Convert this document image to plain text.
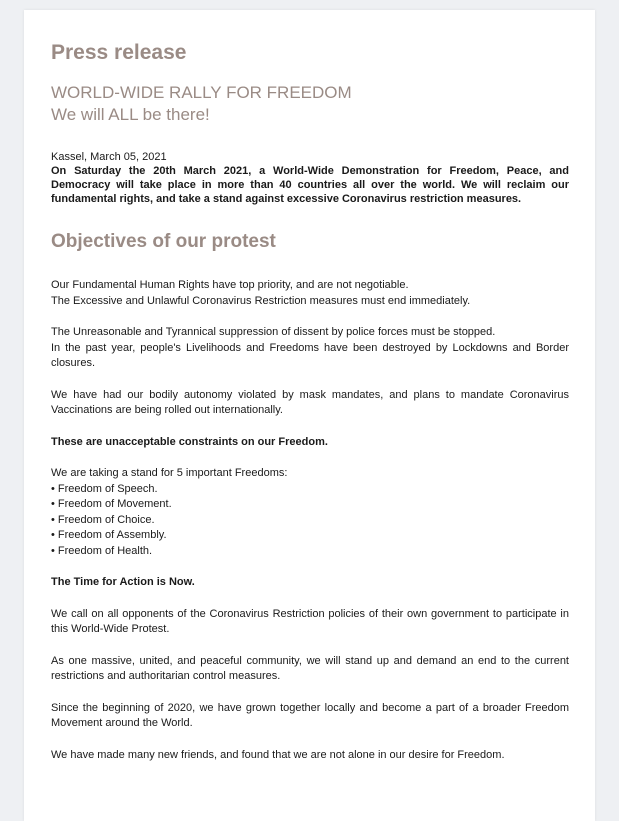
Press release

WORLD-WIDE RALLY FOR FREEDOM

We will ALL be there!

Kassel, March 05, 2021

On Saturday the 20th March 2021, a World-Wide Demonstration for Freedom, Peace, and Democracy will take place in more than 40 countries all over the world. We will reclaim our fundamental rights, and take a stand against excessive Coronavirus restriction measures.

Objectives of our protest

Our Fundamental Human Rights have top priority, and are not negotiable.

The Excessive and Unlawful Coronavirus Restriction measures must end immediately.

The Unreasonable and Tyrannical suppression of dissent by police forces must be stopped.

In the past year, people's Livelihoods and Freedoms have been destroyed by Lockdowns and Border closures.

We have had our bodily autonomy violated by mask mandates, and plans to mandate Coronavirus Vaccinations are being rolled out internationally.

These are unacceptable constraints on our Freedom.

We are taking a stand for 5 important Freedoms:

• Freedom of Speech.
• Freedom of Movement.
• Freedom of Choice.
• Freedom of Assembly.
• Freedom of Health.

The Time for Action is Now.

We call on all opponents of the Coronavirus Restriction policies of their own government to participate in this World-Wide Protest.

As one massive, united, and peaceful community, we will stand up and demand an end to the current restrictions and authoritarian control measures.

Since the beginning of 2020, we have grown together locally and become a part of a broader Freedom Movement around the World.

We have made many new friends, and found that we are not alone in our desire for Freedom.
